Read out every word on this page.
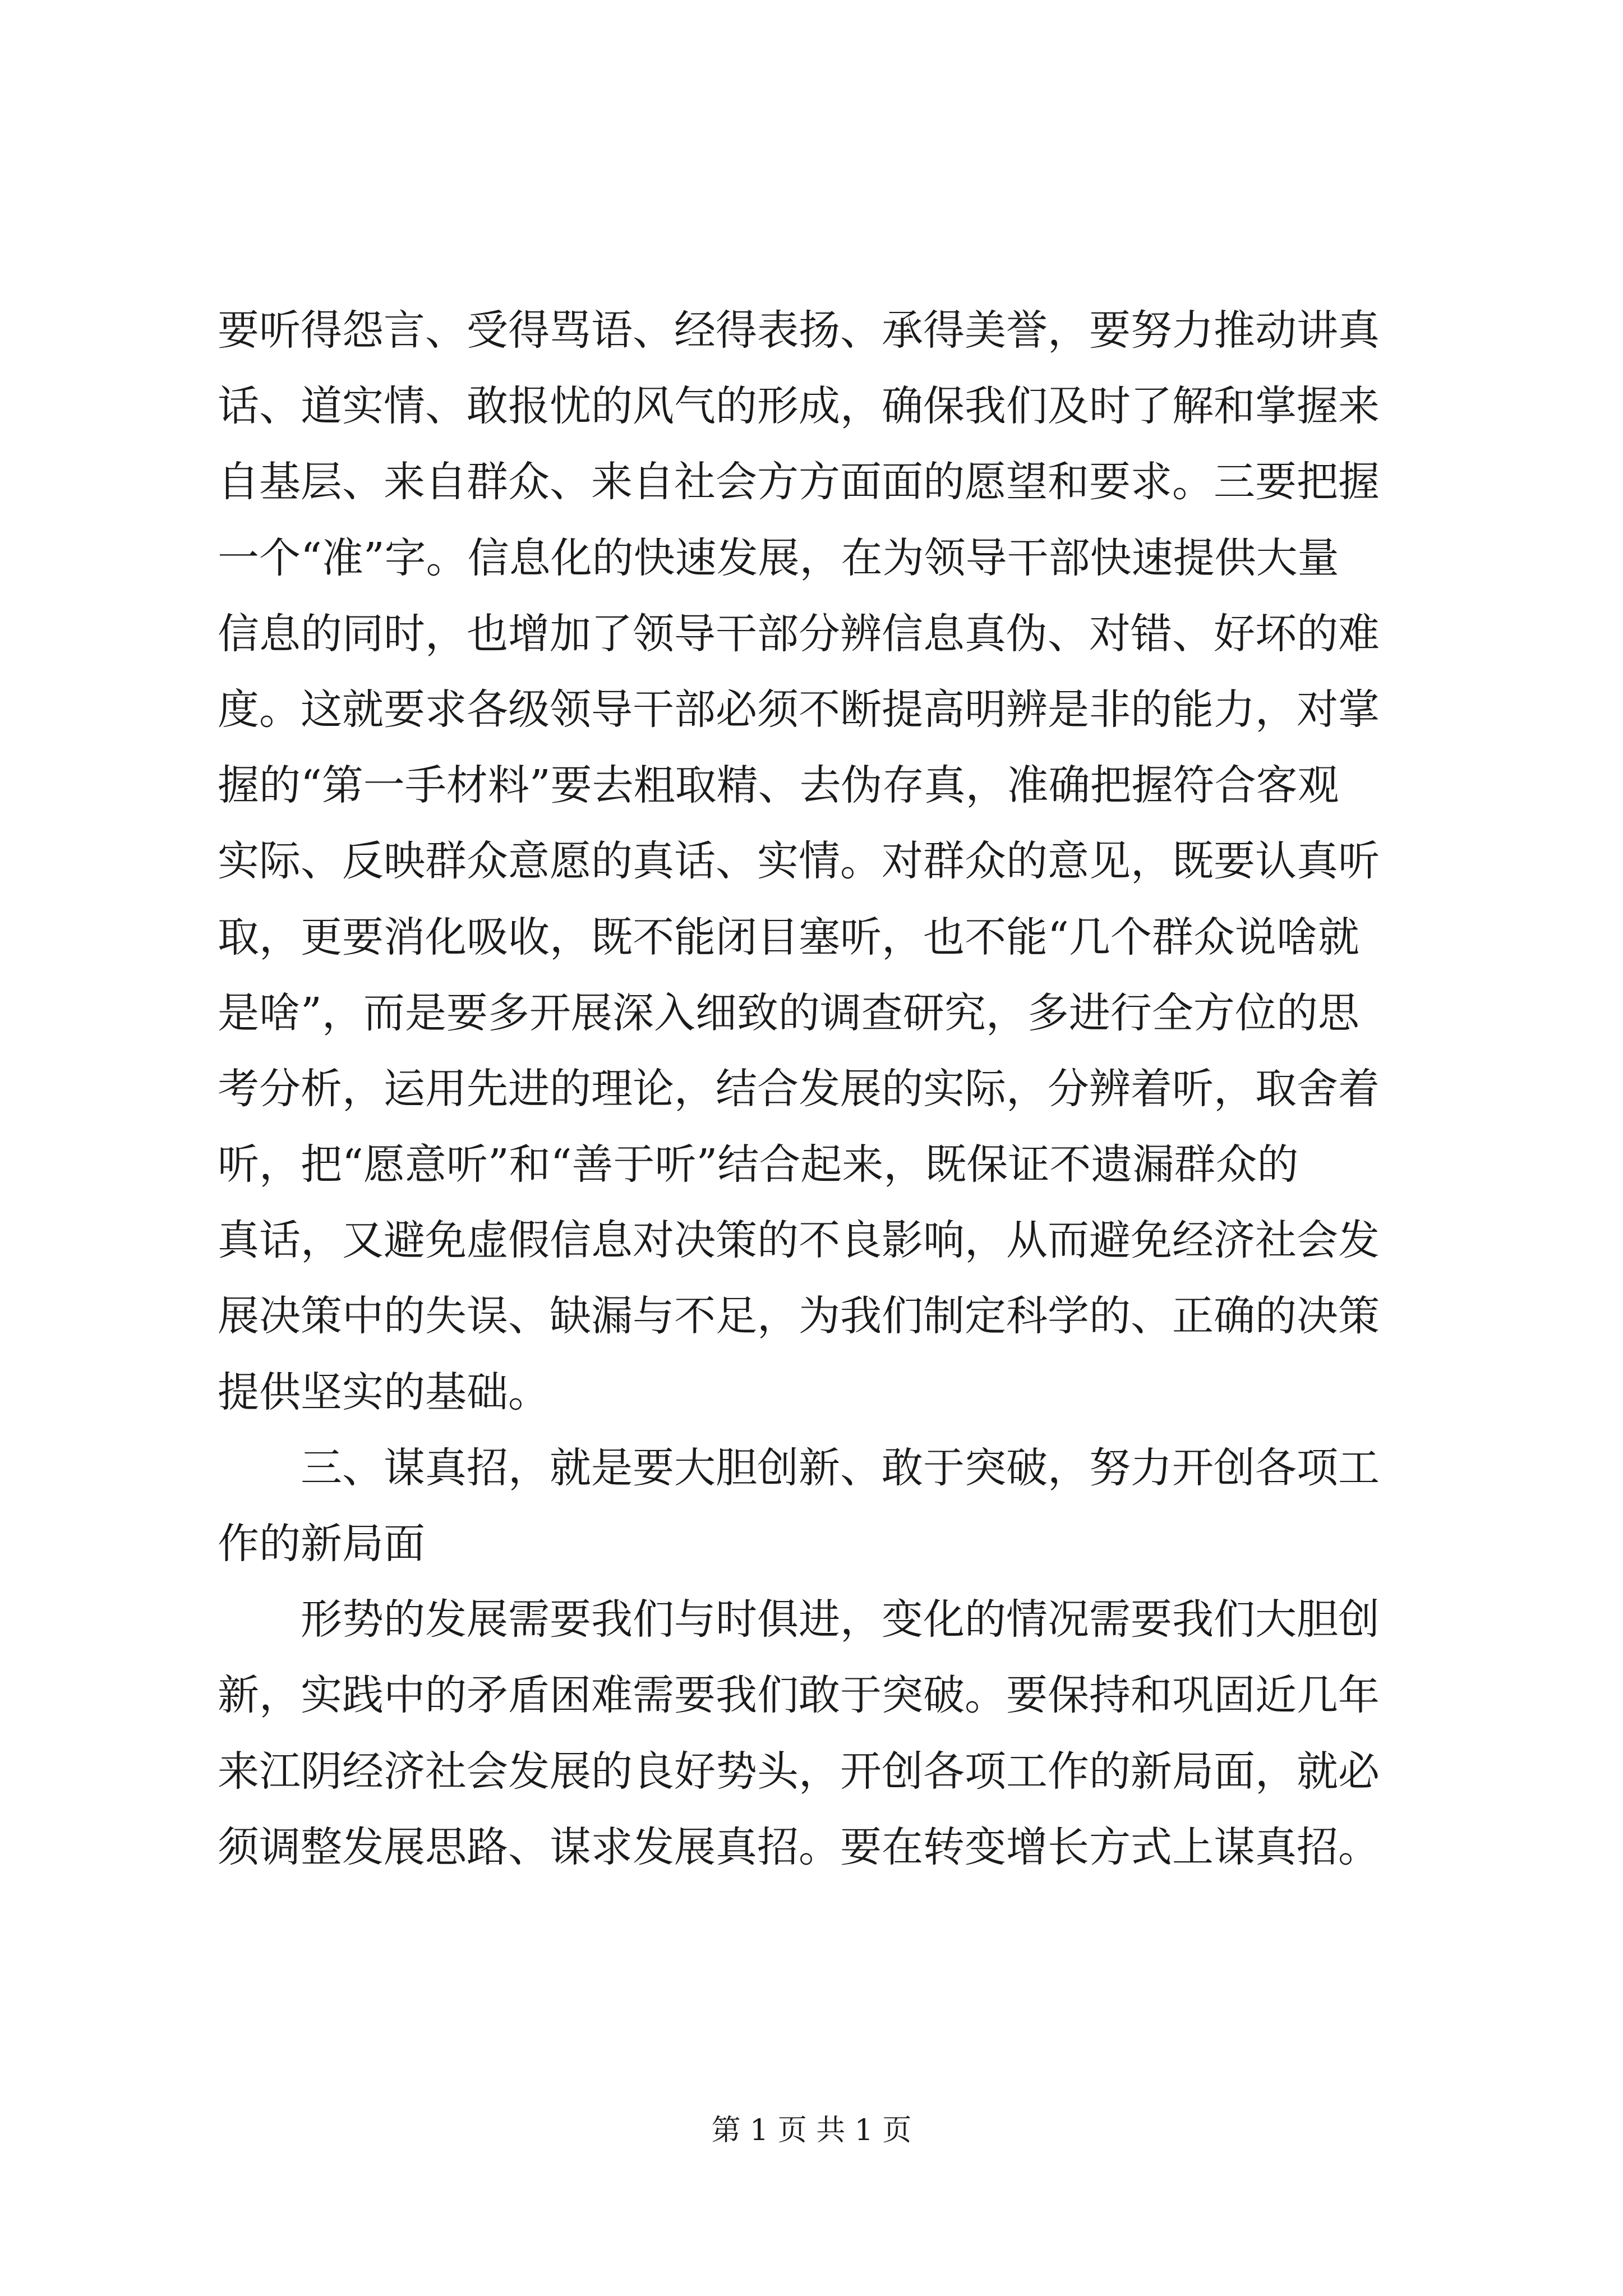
要听得怨言、受得骂语、经得表扬、承得美誉，要努力推动讲真
话、道实情、敢报忧的风气的形成，确保我们及时了解和掌握来
自基层、来自群众、来自社会方方面面的愿望和要求。三要把握
一个“准”字。信息化的快速发展，在为领导干部快速提供大量
信息的同时，也增加了领导干部分辨信息真伪、对错、好坏的难
度。这就要求各级领导干部必须不断提高明辨是非的能力，对掌
握的“第一手材料”要去粗取精、去伪存真，准确把握符合客观
实际、反映群众意愿的真话、实情。对群众的意见，既要认真听
取，更要消化吸收，既不能闭目塞听，也不能“几个群众说啥就
是啥”，而是要多开展深入细致的调查研究，多进行全方位的思
考分析，运用先进的理论，结合发展的实际，分辨着听，取舍着
听，把“愿意听”和“善于听”结合起来，既保证不遗漏群众的
真话，又避免虚假信息对决策的不良影响，从而避免经济社会发
展决策中的失误、缺漏与不足，为我们制定科学的、正确的决策
提供坚实的基础。
三、谋真招，就是要大胆创新、敢于突破，努力开创各项工
作的新局面
形势的发展需要我们与时俱进，变化的情况需要我们大胆创
新，实践中的矛盾困难需要我们敢于突破。要保持和巩固近几年
来江阴经济社会发展的良好势头，开创各项工作的新局面，就必
须调整发展思路、谋求发展真招。要在转变增长方式上谋真招。
第 1 页 共 1 页
